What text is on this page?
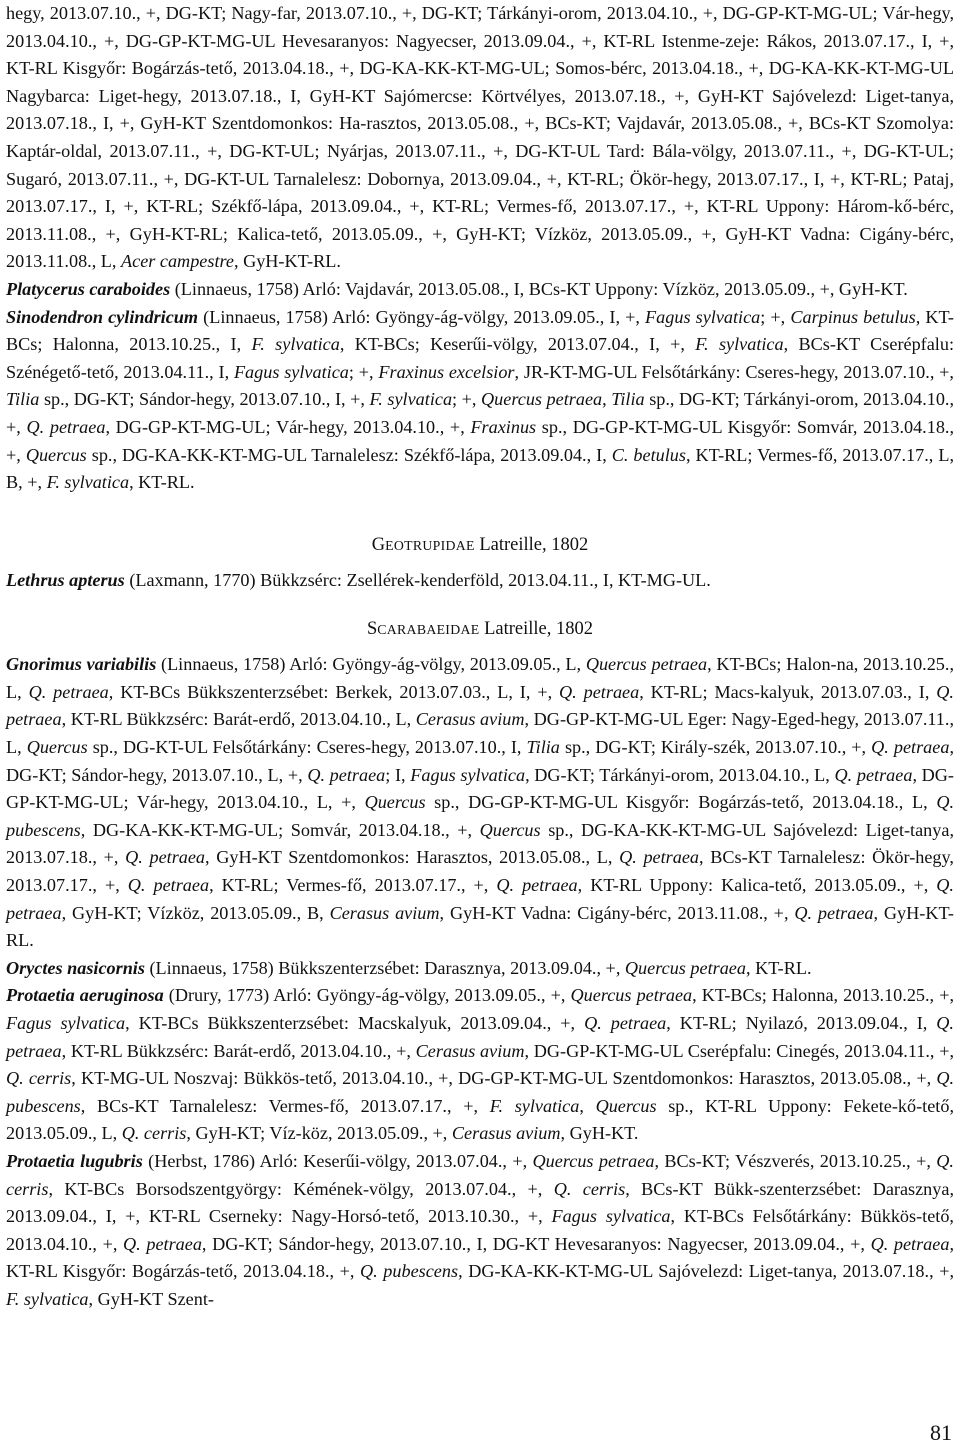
hegy, 2013.07.10., +, DG-KT; Nagy-far, 2013.07.10., +, DG-KT; Tárkányi-orom, 2013.04.10., +, DG-GP-KT-MG-UL; Vár-hegy, 2013.04.10., +, DG-GP-KT-MG-UL Hevesaranyos: Nagyecser, 2013.09.04., +, KT-RL Istenme-zeje: Rákos, 2013.07.17., I, +, KT-RL Kisgyőr: Bogárzás-tető, 2013.04.18., +, DG-KA-KK-KT-MG-UL; Somos-bérc, 2013.04.18., +, DG-KA-KK-KT-MG-UL Nagybarca: Liget-hegy, 2013.07.18., I, GyH-KT Sajómercse: Körtvélyes, 2013.07.18., +, GyH-KT Sajóvelezd: Liget-tanya, 2013.07.18., I, +, GyH-KT Szentdomonkos: Ha-rasztos, 2013.05.08., +, BCs-KT; Vajdavár, 2013.05.08., +, BCs-KT Szomolya: Kaptár-oldal, 2013.07.11., +, DG-KT-UL; Nyárjas, 2013.07.11., +, DG-KT-UL Tard: Bála-völgy, 2013.07.11., +, DG-KT-UL; Sugaró, 2013.07.11., +, DG-KT-UL Tarnalelesz: Dobornya, 2013.09.04., +, KT-RL; Ökör-hegy, 2013.07.17., I, +, KT-RL; Pataj, 2013.07.17., I, +, KT-RL; Székfő-lápa, 2013.09.04., +, KT-RL; Vermes-fő, 2013.07.17., +, KT-RL Uppony: Három-kő-bérc, 2013.11.08., +, GyH-KT-RL; Kalica-tető, 2013.05.09., +, GyH-KT; Vízköz, 2013.05.09., +, GyH-KT Vadna: Cigány-bérc, 2013.11.08., L, Acer campestre, GyH-KT-RL.

Platycerus caraboides (Linnaeus, 1758) Arló: Vajdavár, 2013.05.08., I, BCs-KT Uppony: Vízköz, 2013.05.09., +, GyH-KT.

Sinodendron cylindricum (Linnaeus, 1758) Arló: Gyöngy-ág-völgy, 2013.09.05., I, +, Fagus sylvatica; +, Carpinus betulus, KT-BCs; Halonna, 2013.10.25., I, F. sylvatica, KT-BCs; Keserűi-völgy, 2013.07.04., I, +, F. sylvatica, BCs-KT Cserépfalu: Szénégető-tető, 2013.04.11., I, Fagus sylvatica; +, Fraxinus excelsior, JR-KT-MG-UL Felsőtárkány: Cseres-hegy, 2013.07.10., +, Tilia sp., DG-KT; Sándor-hegy, 2013.07.10., I, +, F. sylvatica; +, Quercus petraea, Tilia sp., DG-KT; Tárkányi-orom, 2013.04.10., +, Q. petraea, DG-GP-KT-MG-UL; Vár-hegy, 2013.04.10., +, Fraxinus sp., DG-GP-KT-MG-UL Kisgyőr: Somvár, 2013.04.18., +, Quercus sp., DG-KA-KK-KT-MG-UL Tarnalelesz: Székfő-lápa, 2013.09.04., I, C. betulus, KT-RL; Vermes-fő, 2013.07.17., L, B, +, F. sylvatica, KT-RL.

GEOTRUPIDAE Latreille, 1802

Lethrus apterus (Laxmann, 1770) Bükkzsérc: Zsellérek-kenderföld, 2013.04.11., I, KT-MG-UL.

SCARABAEIDAE Latreille, 1802

Gnorimus variabilis (Linnaeus, 1758) Arló: Gyöngy-ág-völgy, 2013.09.05., L, Quercus petraea, KT-BCs; Halon-na, 2013.10.25., L, Q. petraea, KT-BCs Bükkszenterzsébet: Berkek, 2013.07.03., L, I, +, Q. petraea, KT-RL; Macs-kalyuk, 2013.07.03., I, Q. petraea, KT-RL Bükkzsérc: Barát-erdő, 2013.04.10., L, Cerasus avium, DG-GP-KT-MG-UL Eger: Nagy-Eged-hegy, 2013.07.11., L, Quercus sp., DG-KT-UL Felsőtárkány: Cseres-hegy, 2013.07.10., I, Tilia sp., DG-KT; Király-szék, 2013.07.10., +, Q. petraea, DG-KT; Sándor-hegy, 2013.07.10., L, +, Q. petraea; I, Fagus sylvatica, DG-KT; Tárkányi-orom, 2013.04.10., L, Q. petraea, DG-GP-KT-MG-UL; Vár-hegy, 2013.04.10., L, +, Quercus sp., DG-GP-KT-MG-UL Kisgyőr: Bogárzás-tető, 2013.04.18., L, Q. pubescens, DG-KA-KK-KT-MG-UL; Somvár, 2013.04.18., +, Quercus sp., DG-KA-KK-KT-MG-UL Sajóvelezd: Liget-tanya, 2013.07.18., +, Q. petraea, GyH-KT Szentdomonkos: Harasztos, 2013.05.08., L, Q. petraea, BCs-KT Tarnalelesz: Ökör-hegy, 2013.07.17., +, Q. petraea, KT-RL; Vermes-fő, 2013.07.17., +, Q. petraea, KT-RL Uppony: Kalica-tető, 2013.05.09., +, Q. petraea, GyH-KT; Vízköz, 2013.05.09., B, Cerasus avium, GyH-KT Vadna: Cigány-bérc, 2013.11.08., +, Q. petraea, GyH-KT-RL.

Oryctes nasicornis (Linnaeus, 1758) Bükkszenterzsébet: Darasznya, 2013.09.04., +, Quercus petraea, KT-RL.

Protaetia aeruginosa (Drury, 1773) Arló: Gyöngy-ág-völgy, 2013.09.05., +, Quercus petraea, KT-BCs; Halonna, 2013.10.25., +, Fagus sylvatica, KT-BCs Bükkszenterzsébet: Macskalyuk, 2013.09.04., +, Q. petraea, KT-RL; Nyilazó, 2013.09.04., I, Q. petraea, KT-RL Bükkzsérc: Barát-erdő, 2013.04.10., +, Cerasus avium, DG-GP-KT-MG-UL Cserépfalu: Cinegés, 2013.04.11., +, Q. cerris, KT-MG-UL Noszvaj: Bükkös-tető, 2013.04.10., +, DG-GP-KT-MG-UL Szentdomonkos: Harasztos, 2013.05.08., +, Q. pubescens, BCs-KT Tarnalelesz: Vermes-fő, 2013.07.17., +, F. sylvatica, Quercus sp., KT-RL Uppony: Fekete-kő-tető, 2013.05.09., L, Q. cerris, GyH-KT; Víz-köz, 2013.05.09., +, Cerasus avium, GyH-KT.

Protaetia lugubris (Herbst, 1786) Arló: Keserűi-völgy, 2013.07.04., +, Quercus petraea, BCs-KT; Vészverés, 2013.10.25., +, Q. cerris, KT-BCs Borsodszentgyörgy: Kémének-völgy, 2013.07.04., +, Q. cerris, BCs-KT Bükk-szenterzsébet: Darasznya, 2013.09.04., I, +, KT-RL Cserneky: Nagy-Horsó-tető, 2013.10.30., +, Fagus sylvatica, KT-BCs Felsőtárkány: Bükkös-tető, 2013.04.10., +, Q. petraea, DG-KT; Sándor-hegy, 2013.07.10., I, DG-KT Hevesaranyos: Nagyecser, 2013.09.04., +, Q. petraea, KT-RL Kisgyőr: Bogárzás-tető, 2013.04.18., +, Q. pubescens, DG-KA-KK-KT-MG-UL Sajóvelezd: Liget-tanya, 2013.07.18., +, F. sylvatica, GyH-KT Szent-

81
